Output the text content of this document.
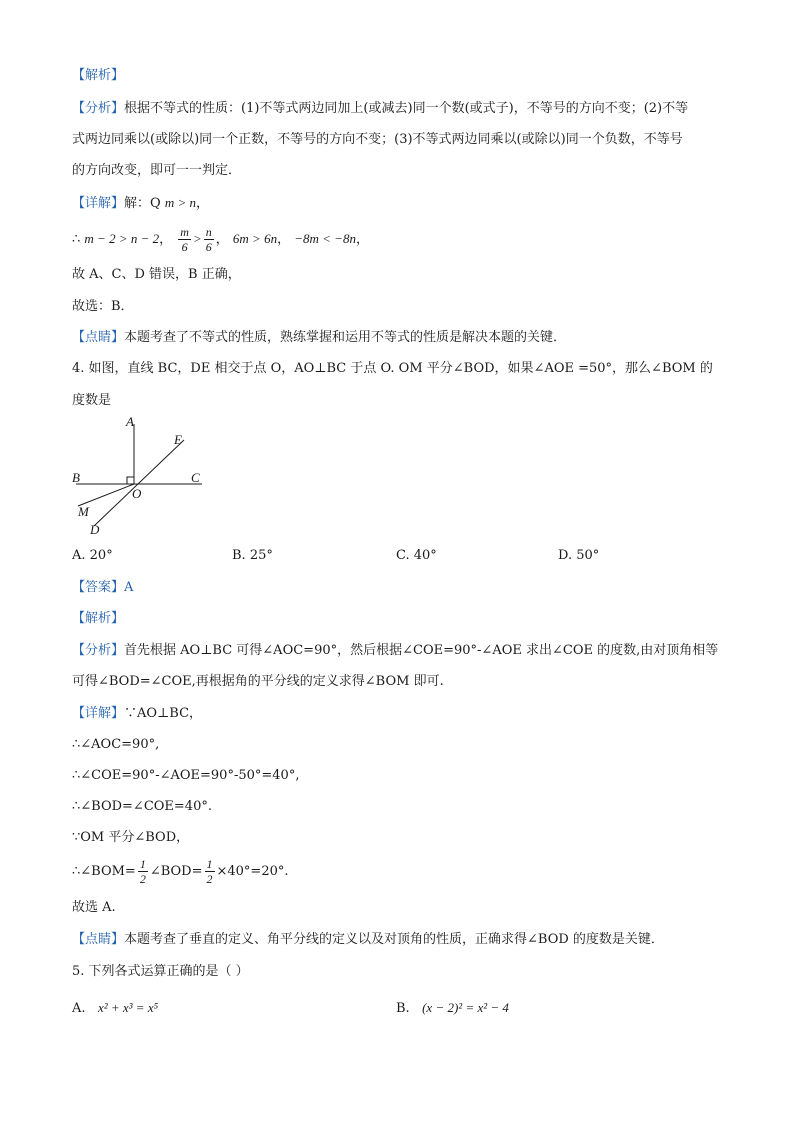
【解析】
【分析】根据不等式的性质：(1)不等式两边同加上(或减去)同一个数(或式子)，不等号的方向不变；(2)不等
式两边同乘以(或除以)同一个正数，不等号的方向不变；(3)不等式两边同乘以(或除以)同一个负数，不等号
的方向改变，即可一一判定．
【详解】解：Q m > n，
∴ m − 2 > n − 2， $\frac{m}{6} > \frac{n}{6}$ ， 6m > 6n， −8m < −8n，
故 A、C、D 错误，B 正确，
故选：B．
【点睛】本题考查了不等式的性质，熟练掌握和运用不等式的性质是解决本题的关键．
4. 如图，直线 BC，DE 相交于点 O，AO⊥BC 于点 O. OM 平分∠BOD，如果∠AOE =50°，那么∠BOM 的
度数是
A
E
B	C
O
M
D
A. 20°	B. 25°	C. 40°	D. 50°
【答案】A
【解析】
【分析】首先根据 AO⊥BC 可得∠AOC=90°，然后根据∠COE=90°-∠AOE 求出∠COE 的度数,由对顶角相等
可得∠BOD=∠COE,再根据角的平分线的定义求得∠BOM 即可.
【详解】∵AO⊥BC，
∴∠AOC=90°,
∴∠COE=90°-∠AOE=90°-50°=40°,
∴∠BOD=∠COE=40°.
∵OM 平分∠BOD，
∴∠BOM= $\frac{1}{2}$ ∠BOD= $\frac{1}{2} \times 40^\circ=20^\circ$.
故选 A.
【点睛】本题考查了垂直的定义、角平分线的定义以及对顶角的性质，正确求得∠BOD 的度数是关键．
5. 下列各式运算正确的是（ ）
A. x² + x³ = x⁵	B. (x − 2)² = x² − 4
